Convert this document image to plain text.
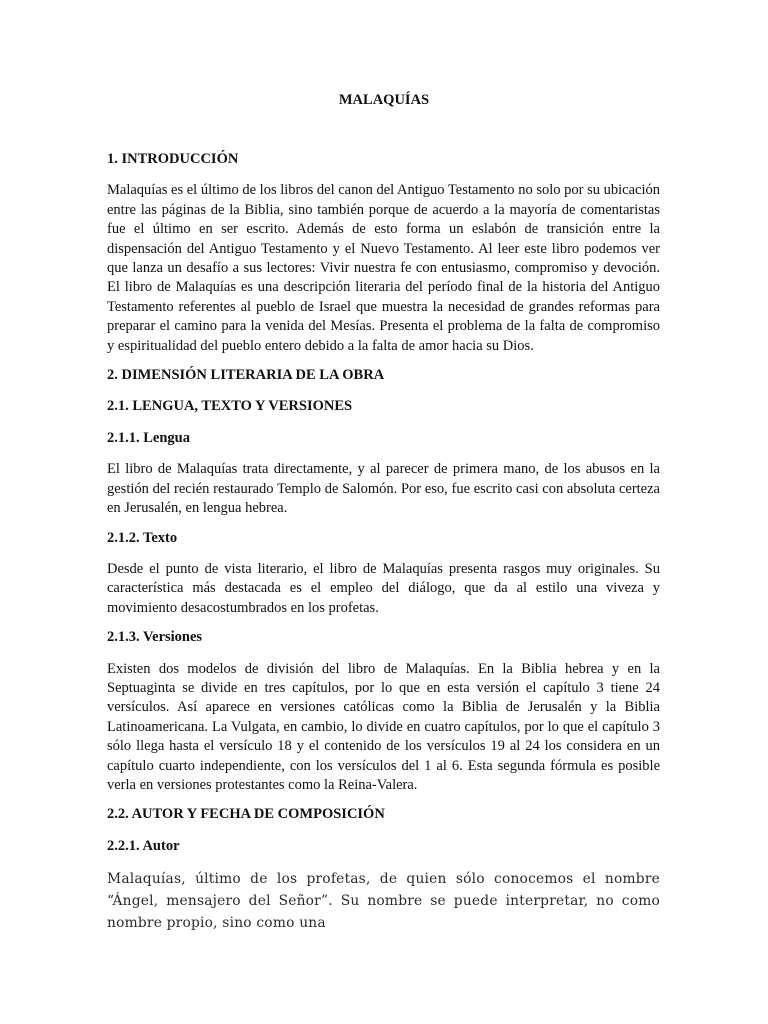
MALAQUÍAS
1. INTRODUCCIÓN

Malaquías es el último de los libros del canon del Antiguo Testamento no solo por su ubicación entre las páginas de la Biblia, sino también porque de acuerdo a la mayoría de comentaristas fue el último en ser escrito. Además de esto forma un eslabón de transición entre la dispensación del Antiguo Testamento y el Nuevo Testamento. Al leer este libro podemos ver que lanza un desafío a sus lectores: Vivir nuestra fe con entusiasmo, compromiso y devoción. El libro de Malaquías es una descripción literaria del período final de la historia del Antiguo Testamento referentes al pueblo de Israel que muestra la necesidad de grandes reformas para preparar el camino para la venida del Mesías. Presenta el problema de la falta de compromiso y espiritualidad del pueblo entero debido a la falta de amor hacia su Dios.

2. DIMENSIÓN LITERARIA DE LA OBRA
2.1. LENGUA, TEXTO Y VERSIONES
2.1.1. Lengua

El libro de Malaquías trata directamente, y al parecer de primera mano, de los abusos en la gestión del recién restaurado Templo de Salomón. Por eso, fue escrito casi con absoluta certeza en Jerusalén, en lengua hebrea.

2.1.2. Texto

Desde el punto de vista literario, el libro de Malaquías presenta rasgos muy originales. Su característica más destacada es el empleo del diálogo, que da al estilo una viveza y movimiento desacostumbrados en los profetas.

2.1.3. Versiones

Existen dos modelos de división del libro de Malaquías. En la Biblia hebrea y en la Septuaginta se divide en tres capítulos, por lo que en esta versión el capítulo 3 tiene 24 versículos. Así aparece en versiones católicas como la Biblia de Jerusalén y la Biblia Latinoamericana. La Vulgata, en cambio, lo divide en cuatro capítulos, por lo que el capítulo 3 sólo llega hasta el versículo 18 y el contenido de los versículos 19 al 24 los considera en un capítulo cuarto independiente, con los versículos del 1 al 6. Esta segunda fórmula es posible verla en versiones protestantes como la Reina-Valera.

2.2. AUTOR Y FECHA DE COMPOSICIÓN
2.2.1. Autor

Malaquías, último de los profetas, de quien sólo conocemos el nombre “Ángel, mensajero del Señor”. Su nombre se puede interpretar, no como nombre propio, sino como una
